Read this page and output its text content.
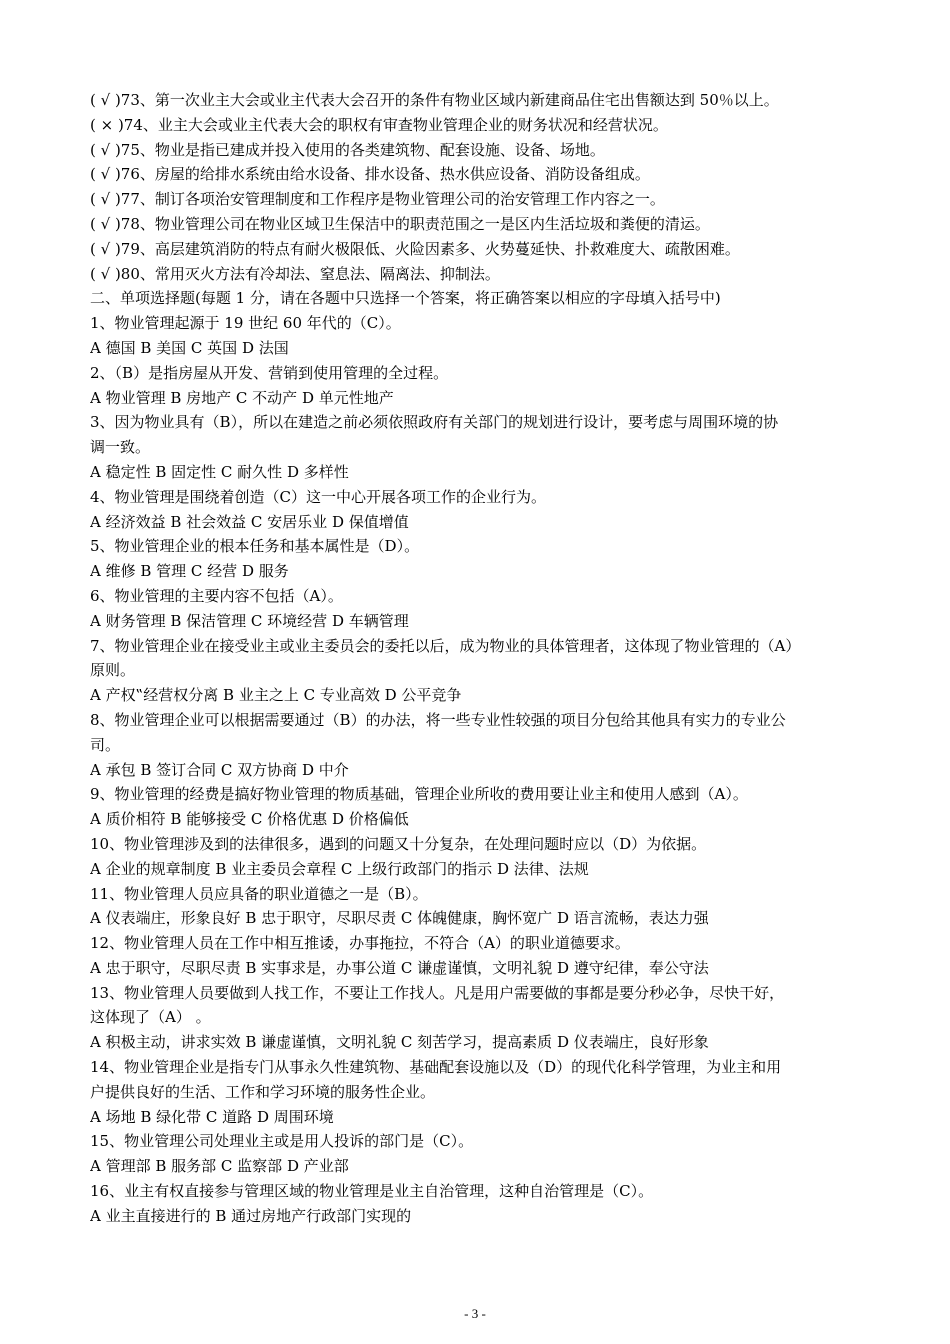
( √ )73、第一次业主大会或业主代表大会召开的条件有物业区域内新建商品住宅出售额达到 50％以上。
( × )74、业主大会或业主代表大会的职权有审查物业管理企业的财务状况和经营状况。
( √ )75、物业是指已建成并投入使用的各类建筑物、配套设施、设备、场地。
( √ )76、房屋的给排水系统由给水设备、排水设备、热水供应设备、消防设备组成。
( √ )77、制订各项治安管理制度和工作程序是物业管理公司的治安管理工作内容之一。
( √ )78、物业管理公司在物业区域卫生保洁中的职责范围之一是区内生活垃圾和粪便的清运。
( √ )79、高层建筑消防的特点有耐火极限低、火险因素多、火势蔓延快、扑救难度大、疏散困难。
( √ )80、常用灭火方法有冷却法、窒息法、隔离法、抑制法。
二、单项选择题(每题 1 分，请在各题中只选择一个答案，将正确答案以相应的字母填入括号中)
1、物业管理起源于 19 世纪 60 年代的（C）。
A 德国 B 美国 C 英国 D 法国
2、（B）是指房屋从开发、营销到使用管理的全过程。
A 物业管理 B 房地产 C 不动产 D 单元性地产
3、因为物业具有（B），所以在建造之前必须依照政府有关部门的规划进行设计，要考虑与周围环境的协
调一致。
A 稳定性 B 固定性 C 耐久性 D 多样性
4、物业管理是围绕着创造（C）这一中心开展各项工作的企业行为。
A 经济效益 B 社会效益 C 安居乐业 D 保值增值
5、物业管理企业的根本任务和基本属性是（D）。
A 维修 B 管理 C 经营 D 服务
6、物业管理的主要内容不包括（A）。
A 财务管理 B 保洁管理 C 环境经营 D 车辆管理
7、物业管理企业在接受业主或业主委员会的委托以后，成为物业的具体管理者，这体现了物业管理的（A）
原则。
A 产权‟经营权分离 B 业主之上 C 专业高效 D 公平竞争
8、物业管理企业可以根据需要通过（B）的办法，将一些专业性较强的项目分包给其他具有实力的专业公
司。
A 承包 B 签订合同 C 双方协商 D 中介
9、物业管理的经费是搞好物业管理的物质基础，管理企业所收的费用要让业主和使用人感到（A）。
A 质价相符 B 能够接受 C 价格优惠 D 价格偏低
10、物业管理涉及到的法律很多，遇到的问题又十分复杂，在处理问题时应以（D）为依据。
A 企业的规章制度 B 业主委员会章程 C 上级行政部门的指示 D 法律、法规
11、物业管理人员应具备的职业道德之一是（B）。
A 仪表端庄，形象良好 B 忠于职守，尽职尽责 C 体魄健康，胸怀宽广 D 语言流畅，表达力强
12、物业管理人员在工作中相互推诿，办事拖拉，不符合（A）的职业道德要求。
A 忠于职守，尽职尽责 B 实事求是，办事公道 C 谦虚谨慎，文明礼貌 D 遵守纪律，奉公守法
13、物业管理人员要做到人找工作，不要让工作找人。凡是用户需要做的事都是要分秒必争，尽快干好，
这体现了（A） 。
A 积极主动，讲求实效 B 谦虚谨慎，文明礼貌 C 刻苦学习，提高素质 D 仪表端庄，良好形象
14、物业管理企业是指专门从事永久性建筑物、基础配套设施以及（D）的现代化科学管理，为业主和用
户提供良好的生活、工作和学习环境的服务性企业。
A 场地 B 绿化带 C 道路 D 周围环境
15、物业管理公司处理业主或是用人投诉的部门是（C）。
A 管理部 B 服务部 C 监察部 D 产业部
16、业主有权直接参与管理区域的物业管理是业主自治管理，这种自治管理是（C）。
A 业主直接进行的 B 通过房地产行政部门实现的
- 3 -
